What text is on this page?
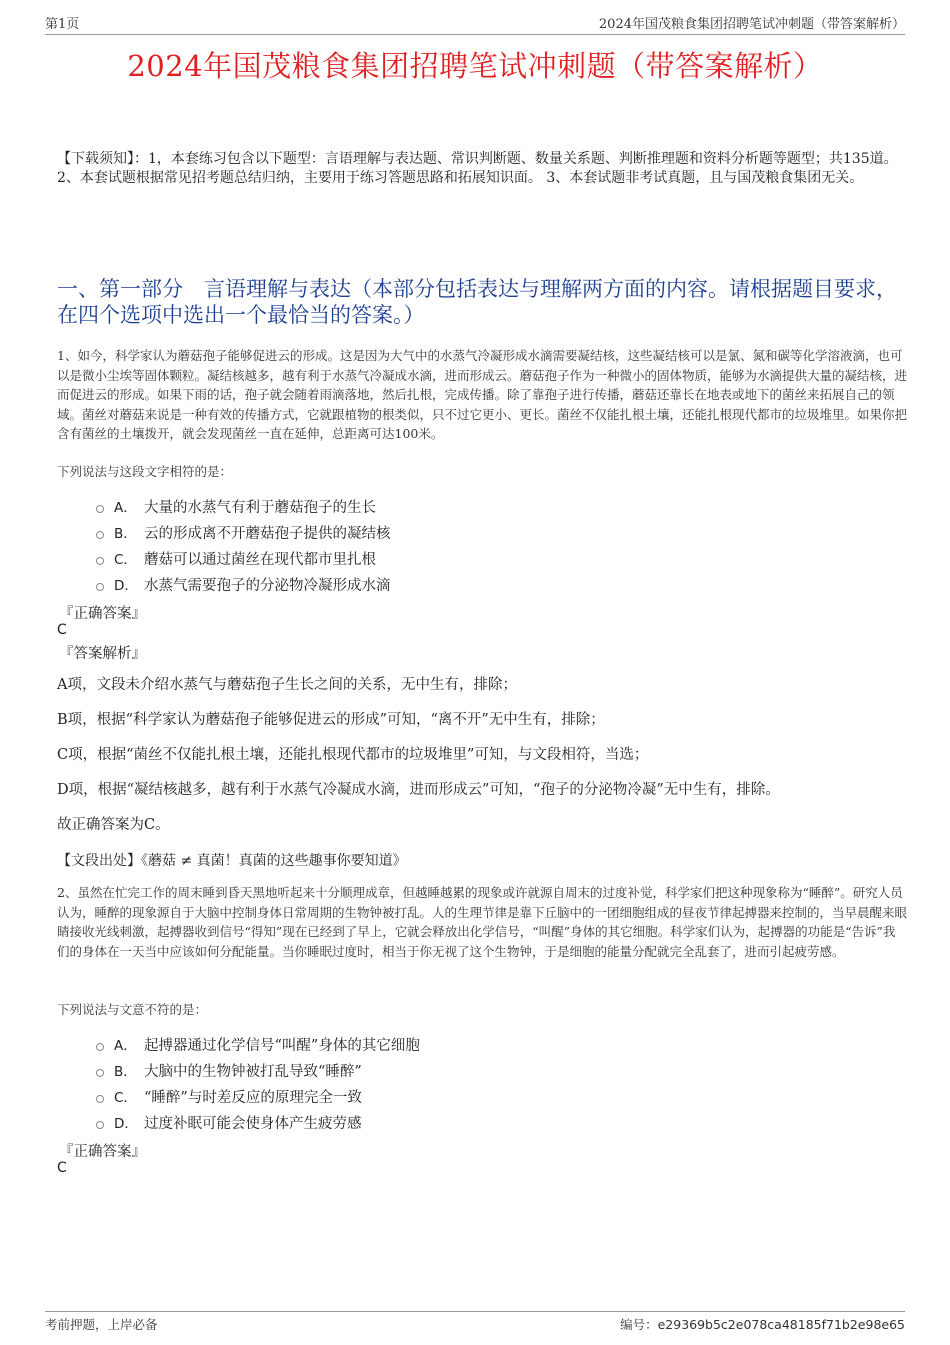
第1页	2024年国茂粮食集团招聘笔试冲刺题（带答案解析）
2024年国茂粮食集团招聘笔试冲刺题（带答案解析）
【下载须知】：1，本套练习包含以下题型：言语理解与表达题、常识判断题、数量关系题、判断推理题和资料分析题等题型；共135道。 2、本套试题根据常见招考题总结归纳，主要用于练习答题思路和拓展知识面。 3、本套试题非考试真题，且与国茂粮食集团无关。
一、第一部分　言语理解与表达（本部分包括表达与理解两方面的内容。请根据题目要求，在四个选项中选出一个最恰当的答案。）
1、如今，科学家认为蘑菇孢子能够促进云的形成。这是因为大气中的水蒸气冷凝形成水滴需要凝结核，这些凝结核可以是氯、氮和碳等化学溶液滴，也可以是微小尘埃等固体颗粒。凝结核越多，越有利于水蒸气冷凝成水滴，进而形成云。蘑菇孢子作为一种微小的固体物质，能够为水滴提供大量的凝结核，进而促进云的形成。如果下雨的话，孢子就会随着雨滴落地，然后扎根，完成传播。除了靠孢子进行传播，蘑菇还靠长在地表或地下的菌丝来拓展自己的领域。菌丝对蘑菇来说是一种有效的传播方式，它就跟植物的根类似，只不过它更小、更长。菌丝不仅能扎根土壤，还能扎根现代都市的垃圾堆里。如果你把含有菌丝的土壤拨开，就会发现菌丝一直在延伸，总距离可达100米。
下列说法与这段文字相符的是：
A． 大量的水蒸气有利于蘑菇孢子的生长
B． 云的形成离不开蘑菇孢子提供的凝结核
C． 蘑菇可以通过菌丝在现代都市里扎根
D． 水蒸气需要孢子的分泌物冷凝形成水滴
『正确答案』
C
『答案解析』
A项，文段未介绍水蒸气与蘑菇孢子生长之间的关系，无中生有，排除；
B项，根据“科学家认为蘑菇孢子能够促进云的形成”可知，“离不开”无中生有，排除；
C项，根据“菌丝不仅能扎根土壤，还能扎根现代都市的垃圾堆里”可知，与文段相符，当选；
D项，根据“凝结核越多，越有利于水蒸气冷凝成水滴，进而形成云”可知，“孢子的分泌物冷凝”无中生有，排除。
故正确答案为C。
【文段出处】《蘑菇 ≠ 真菌！真菌的这些趣事你要知道》
2、虽然在忙完工作的周末睡到昏天黑地听起来十分顺理成章，但越睡越累的现象或许就源自周末的过度补觉，科学家们把这种现象称为“睡醉”。研究人员认为，睡醉的现象源自于大脑中控制身体日常周期的生物钟被打乱。人的生理节律是靠下丘脑中的一团细胞组成的昼夜节律起搏器来控制的，当早晨醒来眼睛接收光线刺激，起搏器收到信号“得知”现在已经到了早上，它就会释放出化学信号，“叫醒”身体的其它细胞。科学家们认为，起搏器的功能是“告诉”我们的身体在一天当中应该如何分配能量。当你睡眠过度时，相当于你无视了这个生物钟，于是细胞的能量分配就完全乱套了，进而引起疲劳感。
下列说法与文意不符的是：
A． 起搏器通过化学信号“叫醒”身体的其它细胞
B． 大脑中的生物钟被打乱导致“睡醉”
C． “睡醉”与时差反应的原理完全一致
D． 过度补眠可能会使身体产生疲劳感
『正确答案』
C
考前押题，上岸必备	编号：e29369b5c2e078ca48185f71b2e98e65
